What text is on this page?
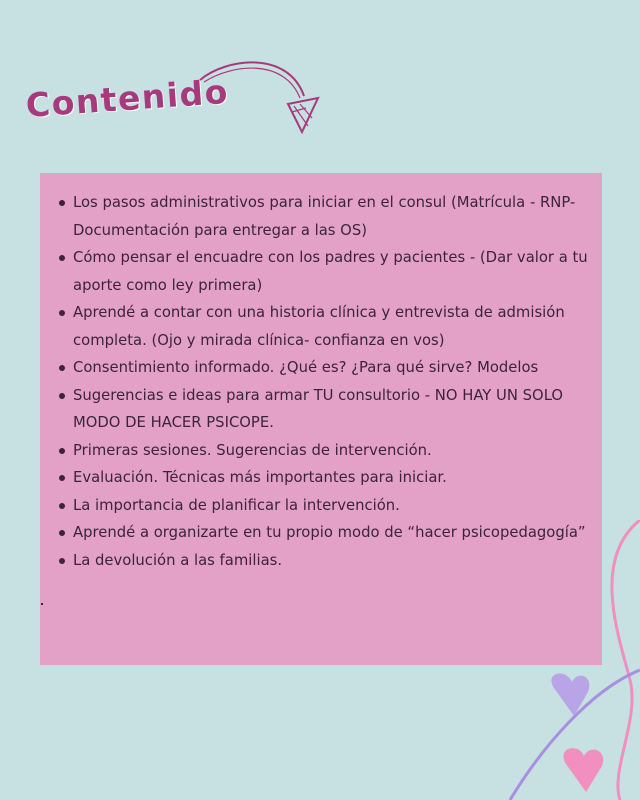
Contenido
Los pasos administrativos para iniciar en el consul (Matrícula - RNP- Documentación para entregar a las OS)
Cómo pensar el encuadre con los padres y pacientes - (Dar valor a tu aporte como ley primera)
Aprendé a contar con una historia clínica y entrevista de admisión completa. (Ojo y mirada clínica- confianza en vos)
Consentimiento informado. ¿Qué es? ¿Para qué sirve? Modelos
Sugerencias e ideas para armar TU consultorio - NO HAY UN SOLO MODO DE HACER PSICOPE.
Primeras sesiones. Sugerencias de intervención.
Evaluación. Técnicas más importantes para iniciar.
La importancia de planificar la intervención.
Aprendé a organizarte en tu propio modo de “hacer psicopedagogía”
La devolución a las familias.
